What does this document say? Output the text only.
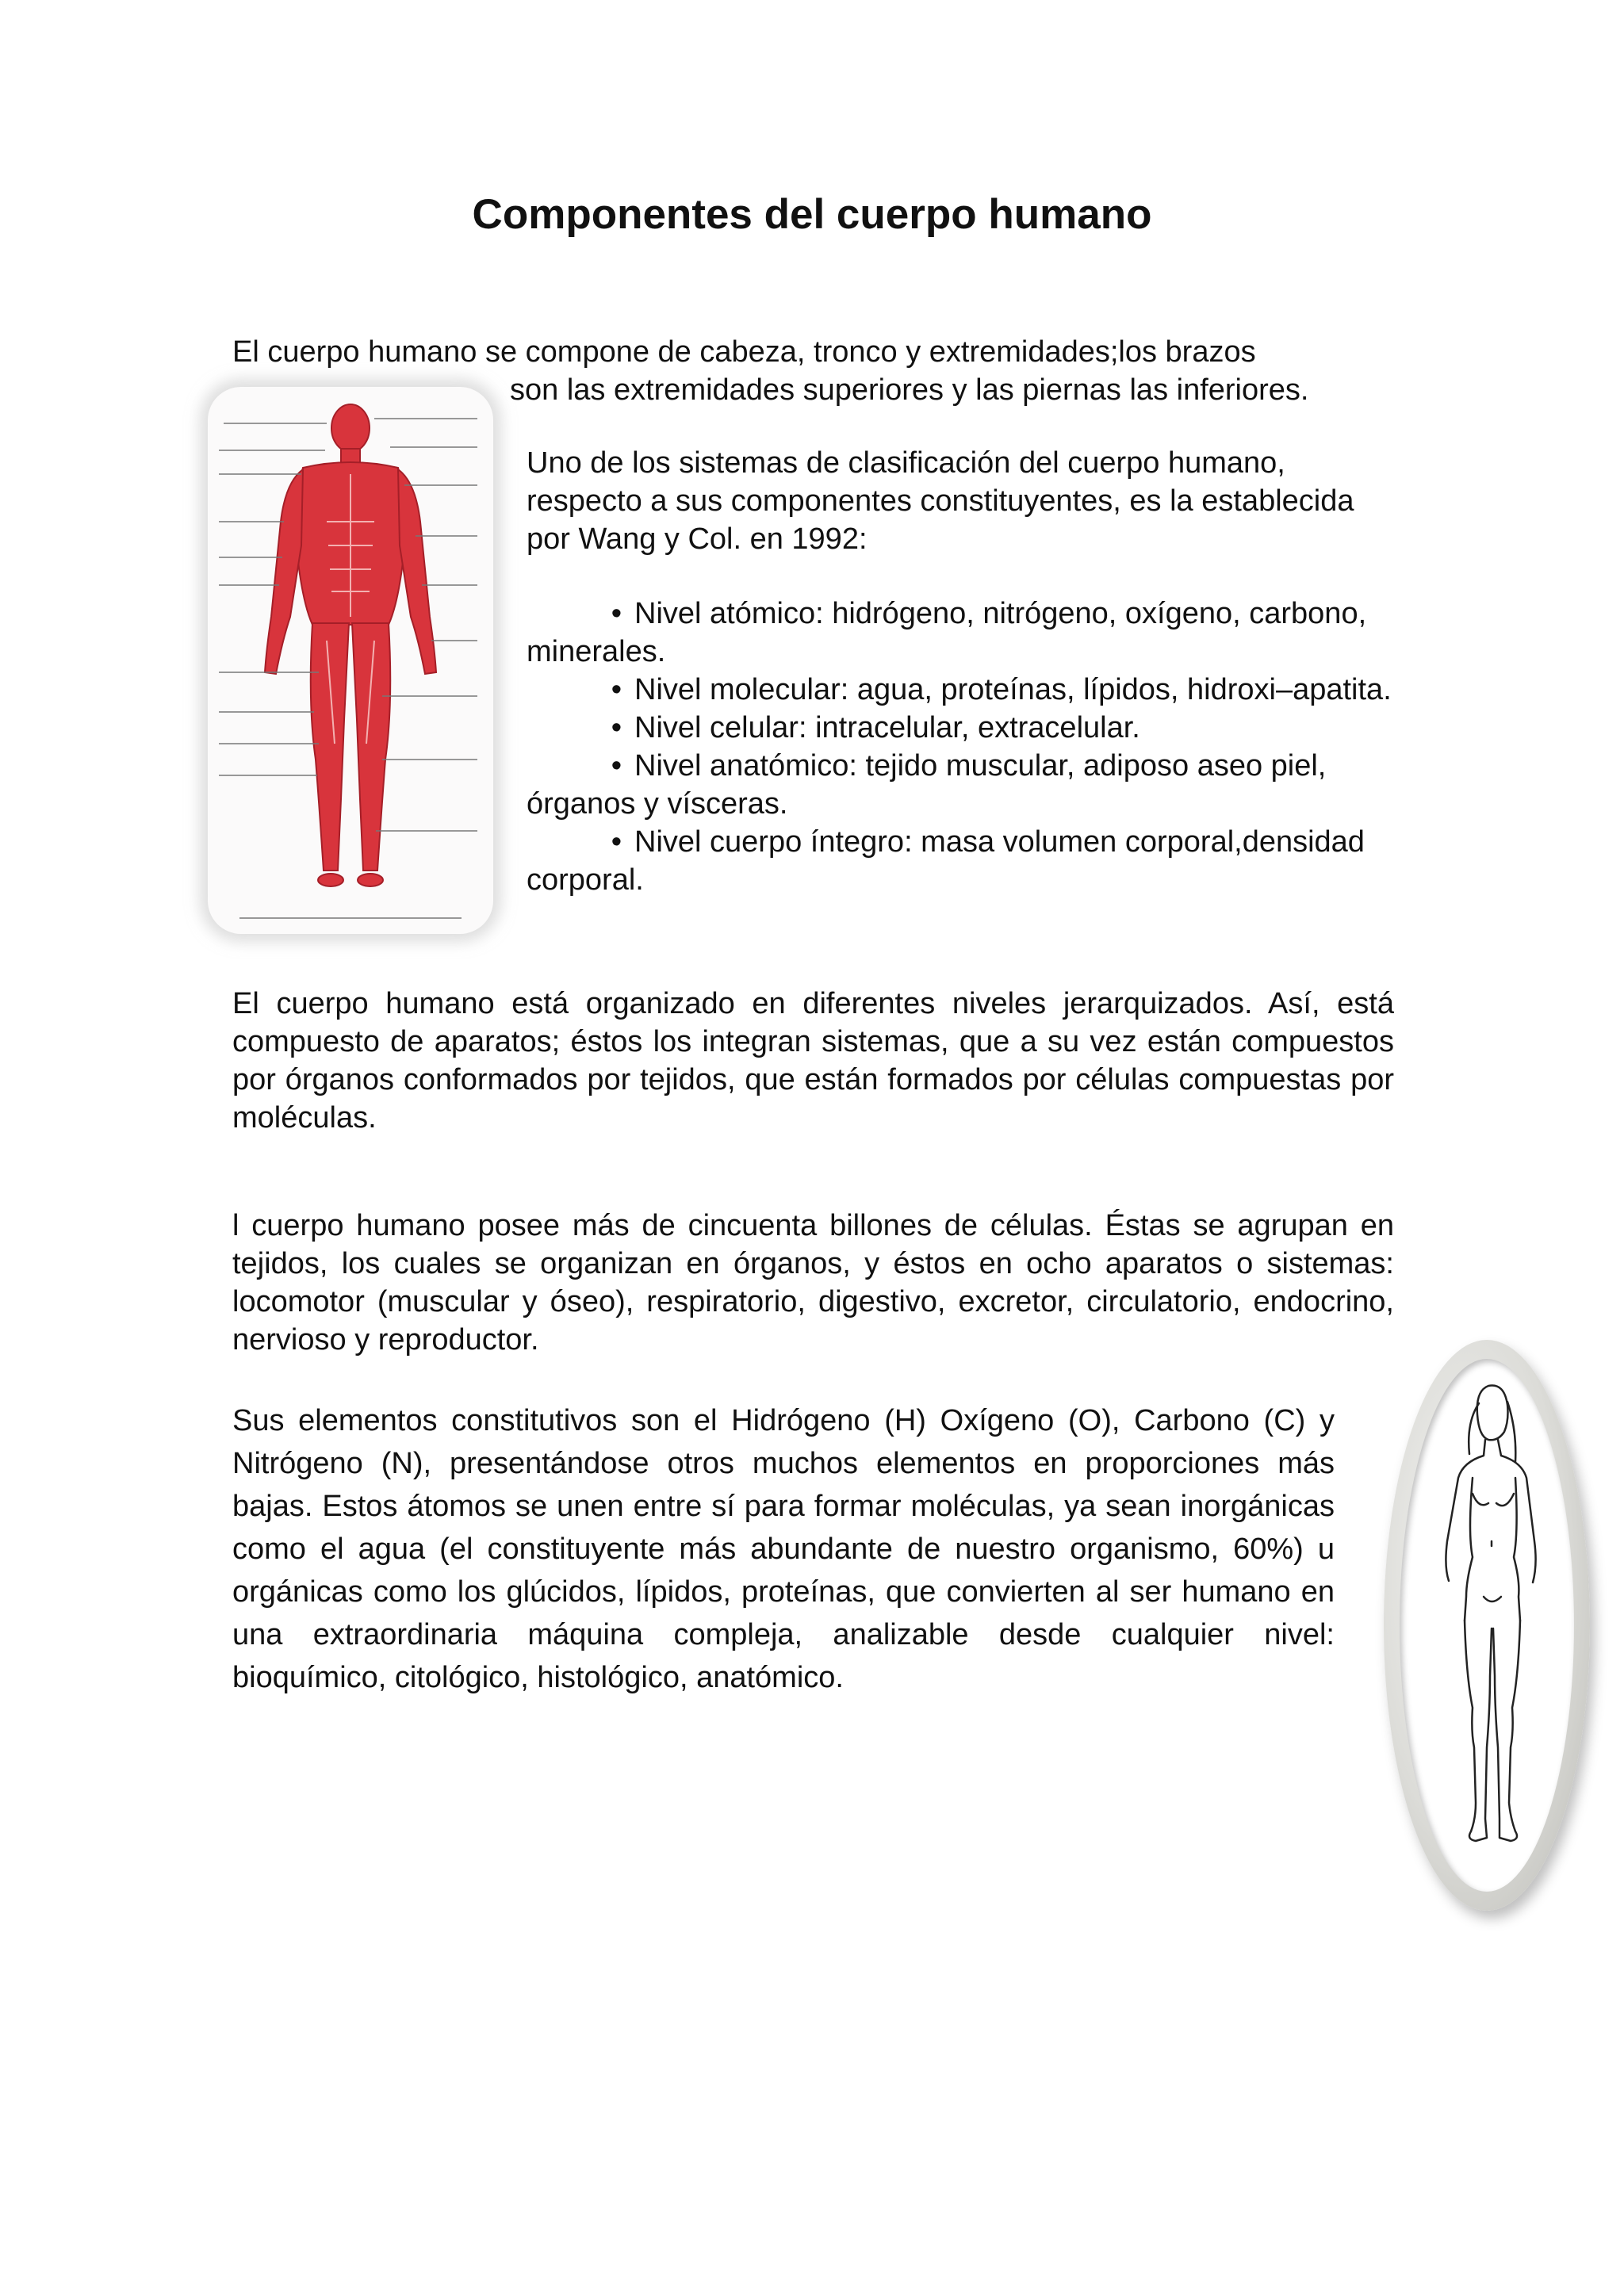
Componentes del cuerpo humano

El cuerpo humano se compone de cabeza, tronco y extremidades;los brazos
son las extremidades superiores y las piernas las inferiores.

Uno de los sistemas de clasificación del cuerpo humano, respecto a sus componentes constituyentes, es la establecida por Wang y Col. en 1992:

• Nivel atómico: hidrógeno, nitrógeno, oxígeno, carbono, minerales.
• Nivel molecular: agua, proteínas, lípidos, hidroxi–apatita.
• Nivel celular: intracelular, extracelular.
• Nivel anatómico: tejido muscular, adiposo aseo piel, órganos y vísceras.
• Nivel cuerpo íntegro: masa volumen corporal,densidad corporal.

El cuerpo humano está organizado en diferentes niveles jerarquizados. Así, está compuesto de aparatos; éstos los integran sistemas, que a su vez están compuestos por órganos conformados por tejidos, que están formados por células compuestas por moléculas.

l cuerpo humano posee más de cincuenta billones de células. Éstas se agrupan en tejidos, los cuales se organizan en órganos, y éstos en ocho aparatos o sistemas: locomotor (muscular y óseo), respiratorio, digestivo, excretor, circulatorio, endocrino, nervioso y reproductor.

Sus elementos constitutivos son el Hidrógeno (H) Oxígeno (O), Carbono (C) y Nitrógeno (N), presentándose otros muchos elementos en proporciones más bajas. Estos átomos se unen entre sí para formar moléculas, ya sean inorgánicas como el agua (el constituyente más abundante de nuestro organismo, 60%) u orgánicas como los glúcidos, lípidos, proteínas, que convierten al ser humano en una extraordinaria máquina compleja, analizable desde cualquier nivel: bioquímico, citológico, histológico, anatómico.
